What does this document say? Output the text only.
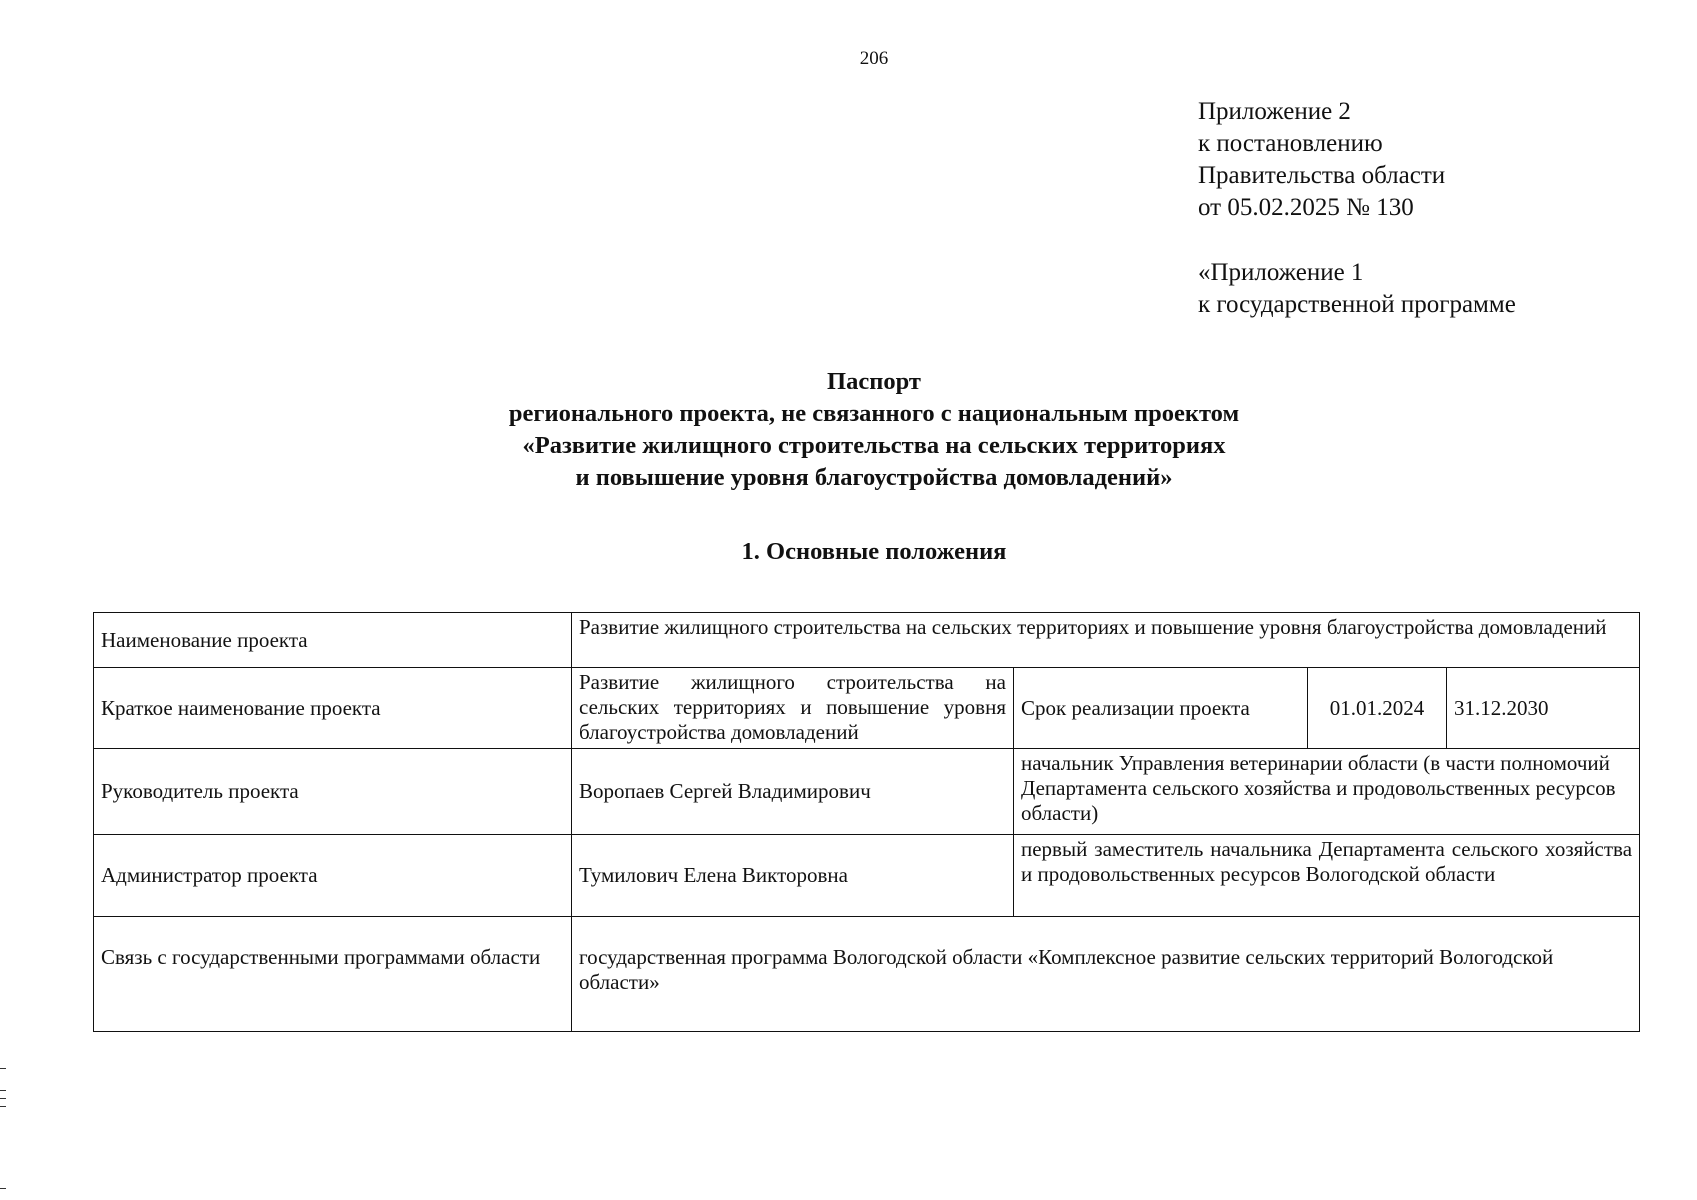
206
Приложение 2
к постановлению
Правительства области
от 05.02.2025 № 130
«Приложение 1
к государственной программе
Паспорт
регионального проекта, не связанного с национальным проектом
«Развитие жилищного строительства на сельских территориях
и повышение уровня благоустройства домовладений»
1. Основные положения
Наименование проекта	Развитие жилищного строительства на сельских территориях и повышение уровня благоустройства домовладений			
Краткое наименование проекта	Развитие жилищного строительства на сельских территориях и повышение уровня благоустройства домовладений	Срок реализации проекта	01.01.2024	31.12.2030
Руководитель проекта	Воропаев Сергей Владимирович	начальник Управления ветеринарии области (в части полномочий Департамента сельского хозяйства и продовольственных ресурсов области)		
Администратор проекта	Тумилович Елена Викторовна	первый заместитель начальника Департамента сельского хозяйства и продовольственных ресурсов Вологодской области		
Связь с государственными программами области	государственная программа Вологодской области «Комплексное развитие сельских территорий Вологодской области»			
